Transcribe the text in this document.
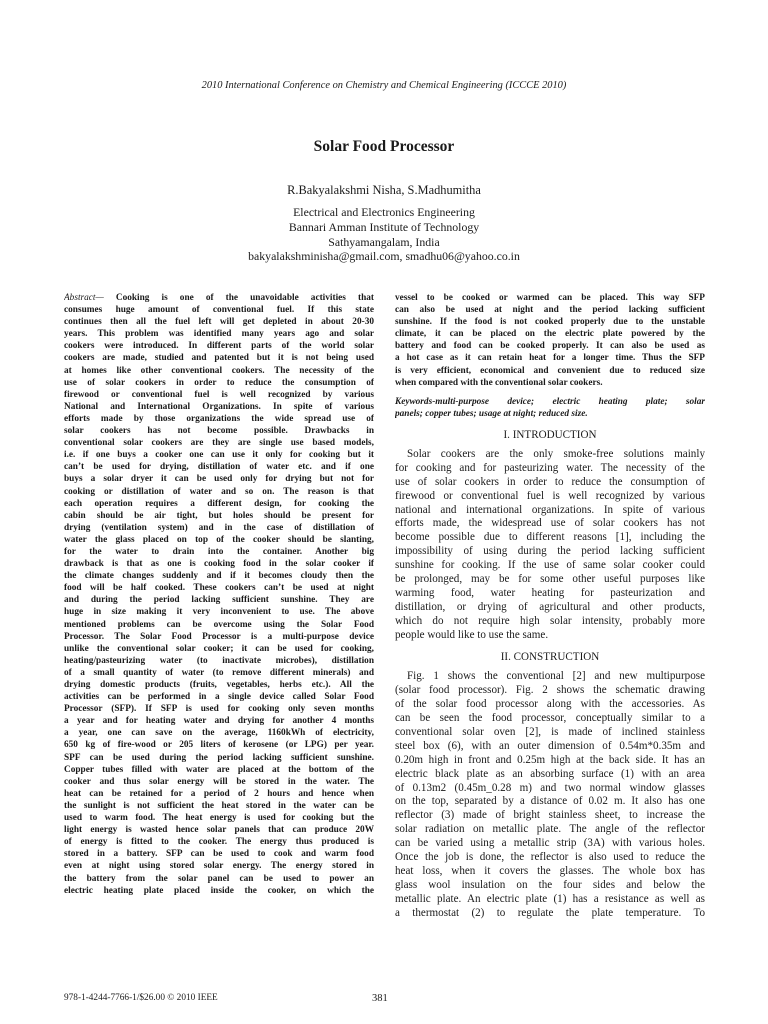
2010 International Conference on Chemistry and Chemical Engineering (ICCCE 2010)
Solar Food Processor
R.Bakyalakshmi Nisha, S.Madhumitha
Electrical and Electronics Engineering
Bannari Amman Institute of Technology
Sathyamangalam, India
bakyalakshminisha@gmail.com, smadhu06@yahoo.co.in
Abstract— Cooking is one of the unavoidable activities that
consumes huge amount of conventional fuel. If this state
continues then all the fuel left will get depleted in about 20-30
years. This problem was identified many years ago and solar
cookers were introduced. In different parts of the world solar
cookers are made, studied and patented but it is not being used
at homes like other conventional cookers. The necessity of the
use of solar cookers in order to reduce the consumption of
firewood or conventional fuel is well recognized by various
National and International Organizations. In spite of various
efforts made by those organizations the wide spread use of
solar cookers has not become possible. Drawbacks in
conventional solar cookers are they are single use based models,
i.e. if one buys a cooker one can use it only for cooking but it
can’t be used for drying, distillation of water etc. and if one
buys a solar dryer it can be used only for drying but not for
cooking or distillation of water and so on. The reason is that
each operation requires a different design, for cooking the
cabin should be air tight, but holes should be present for
drying (ventilation system) and in the case of distillation of
water the glass placed on top of the cooker should be slanting,
for the water to drain into the container. Another big
drawback is that as one is cooking food in the solar cooker if
the climate changes suddenly and if it becomes cloudy then the
food will be half cooked. These cookers can’t be used at night
and during the period lacking sufficient sunshine. They are
huge in size making it very inconvenient to use. The above
mentioned problems can be overcome using the Solar Food
Processor. The Solar Food Processor is a multi-purpose device
unlike the conventional solar cooker; it can be used for cooking,
heating/pasteurizing water (to inactivate microbes), distillation
of a small quantity of water (to remove different minerals) and
drying domestic products (fruits, vegetables, herbs etc.). All the
activities can be performed in a single device called Solar Food
Processor (SFP). If SFP is used for cooking only seven months
a year and for heating water and drying for another 4 months
a year, one can save on the average, 1160kWh of electricity,
650 kg of fire-wood or 205 liters of kerosene (or LPG) per year.
SPF can be used during the period lacking sufficient sunshine.
Copper tubes filled with water are placed at the bottom of the
cooker and thus solar energy will be stored in the water. The
heat can be retained for a period of 2 hours and hence when
the sunlight is not sufficient the heat stored in the water can be
used to warm food. The heat energy is used for cooking but the
light energy is wasted hence solar panels that can produce 20W
of energy is fitted to the cooker. The energy thus produced is
stored in a battery. SFP can be used to cook and warm food
even at night using stored solar energy. The energy stored in
the battery from the solar panel can be used to power an
electric heating plate placed inside the cooker, on which the
vessel to be cooked or warmed can be placed. This way SFP
can also be used at night and the period lacking sufficient
sunshine. If the food is not cooked properly due to the unstable
climate, it can be placed on the electric plate powered by the
battery and food can be cooked properly. It can also be used as
a hot case as it can retain heat for a longer time. Thus the SFP
is very efficient, economical and convenient due to reduced size
when compared with the conventional solar cookers.
Keywords-multi-purpose device; electric heating plate; solar
panels; copper tubes; usage at night; reduced size.
I. INTRODUCTION
Solar cookers are the only smoke-free solutions mainly
for cooking and for pasteurizing water. The necessity of the
use of solar cookers in order to reduce the consumption of
firewood or conventional fuel is well recognized by various
national and international organizations. In spite of various
efforts made, the widespread use of solar cookers has not
become possible due to different reasons [1], including the
impossibility of using during the period lacking sufficient
sunshine for cooking. If the use of same solar cooker could
be prolonged, may be for some other useful purposes like
warming food, water heating for pasteurization and
distillation, or drying of agricultural and other products,
which do not require high solar intensity, probably more
people would like to use the same.
II. CONSTRUCTION
Fig. 1 shows the conventional [2] and new multipurpose
(solar food processor). Fig. 2 shows the schematic drawing
of the solar food processor along with the accessories. As
can be seen the food processor, conceptually similar to a
conventional solar oven [2], is made of inclined stainless
steel box (6), with an outer dimension of 0.54m*0.35m and
0.20m high in front and 0.25m high at the back side. It has an
electric black plate as an absorbing surface (1) with an area
of 0.13m2 (0.45m_0.28 m) and two normal window glasses
on the top, separated by a distance of 0.02 m. It also has one
reflector (3) made of bright stainless sheet, to increase the
solar radiation on metallic plate. The angle of the reflector
can be varied using a metallic strip (3A) with various holes.
Once the job is done, the reflector is also used to reduce the
heat loss, when it covers the glasses. The whole box has
glass wool insulation on the four sides and below the
metallic plate. An electric plate (1) has a resistance as well as
a thermostat (2) to regulate the plate temperature. To
978-1-4244-7766-1/$26.00 © 2010 IEEE	381
